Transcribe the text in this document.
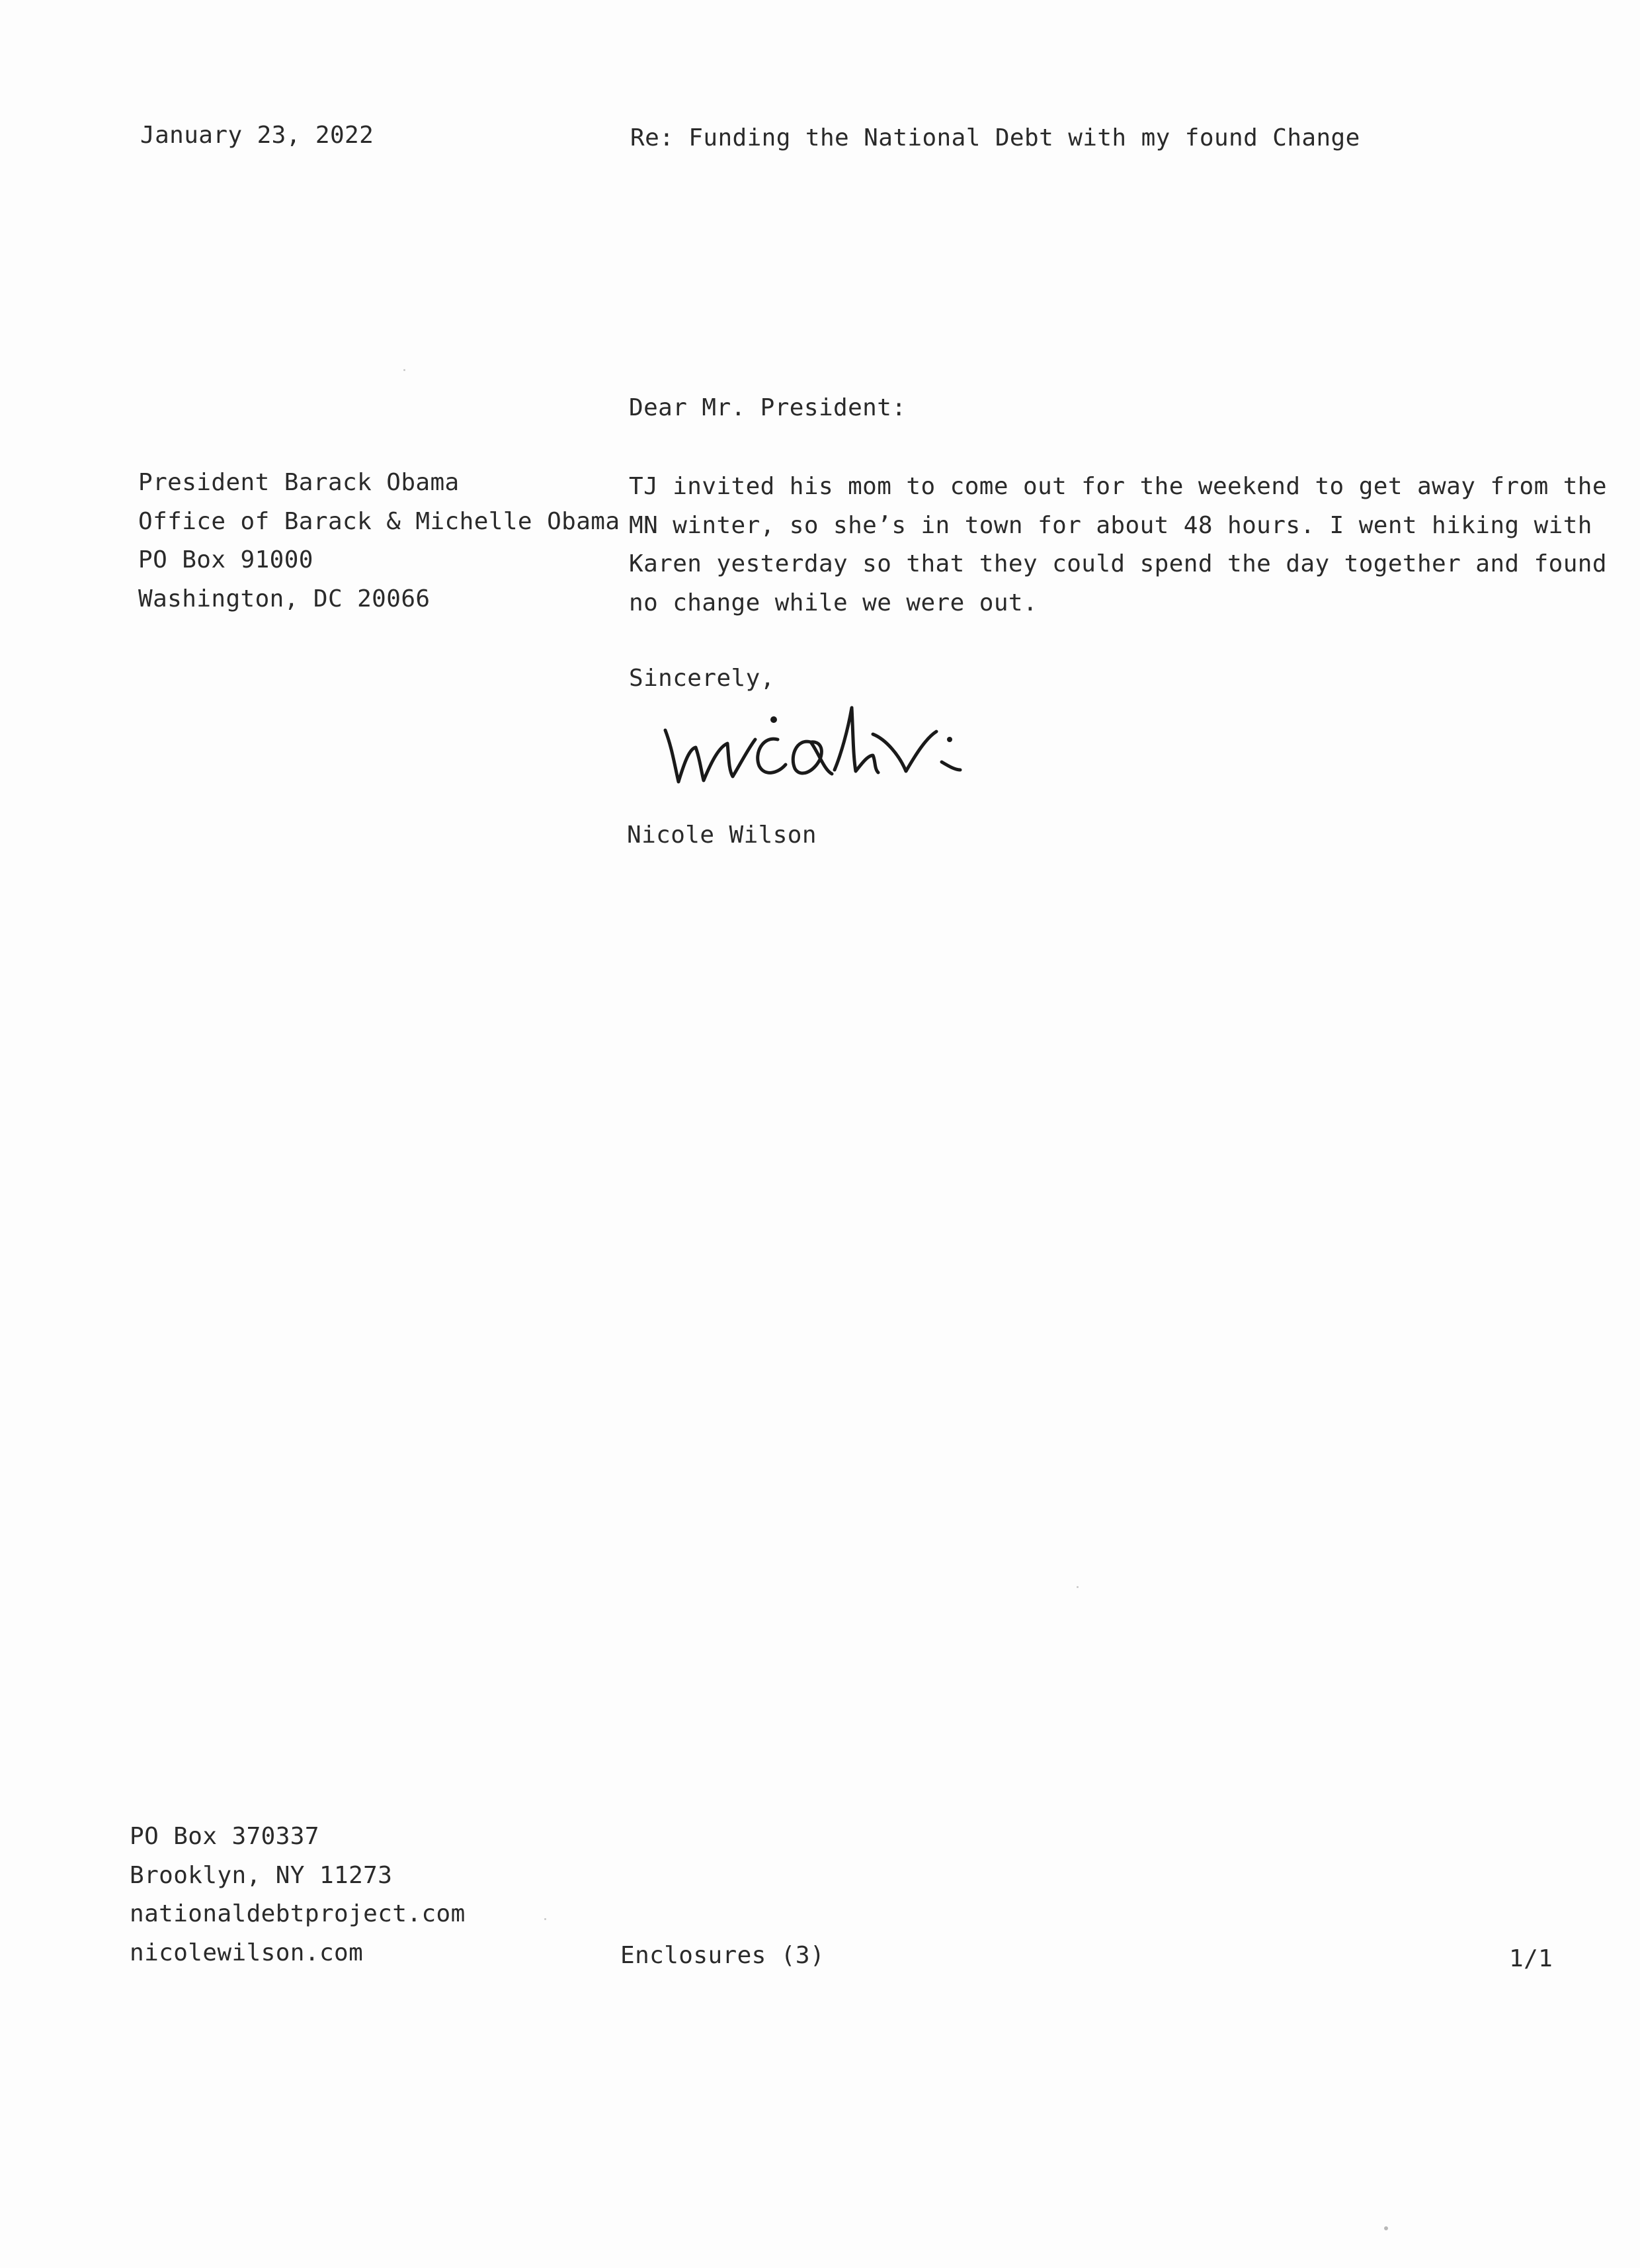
January 23, 2022	Re: Funding the National Debt with my found Change
Dear Mr. President:
President Barack Obama
Office of Barack & Michelle Obama
PO Box 91000
Washington, DC 20066
TJ invited his mom to come out for the weekend to get away from the
MN winter, so she’s in town for about 48 hours. I went hiking with
Karen yesterday so that they could spend the day together and found
no change while we were out.
Sincerely,
Nicole Wilson
PO Box 370337
Brooklyn, NY 11273
nationaldebtproject.com
nicolewilson.com	Enclosures (3)	1/1
